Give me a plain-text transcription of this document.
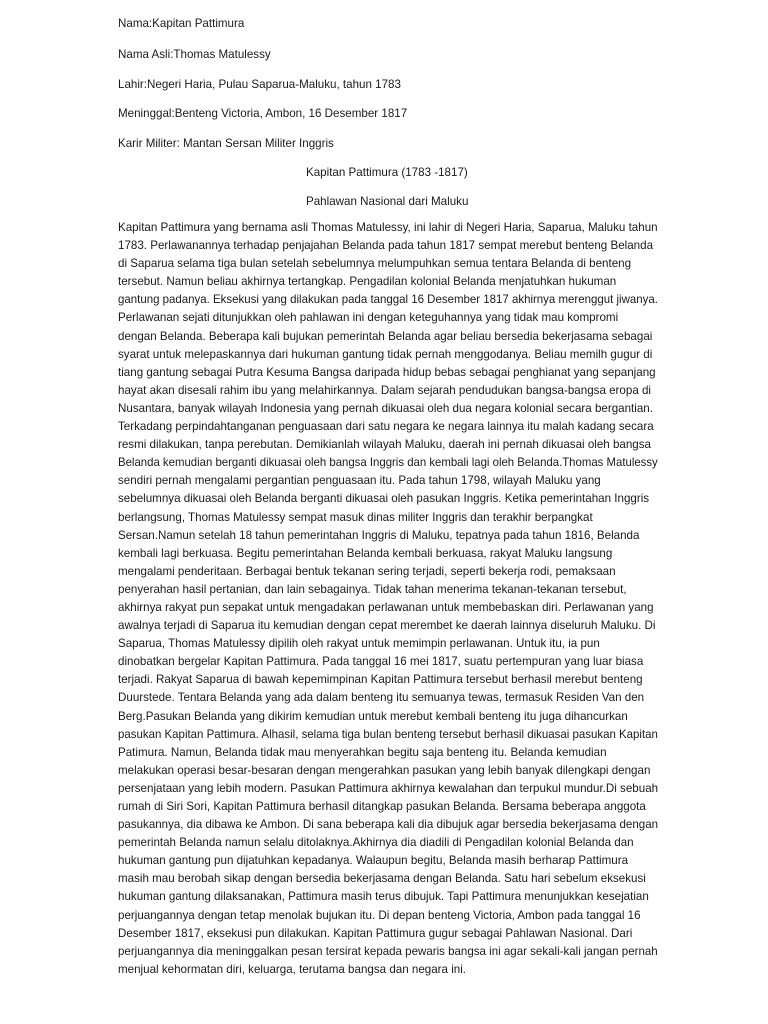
Nama:Kapitan Pattimura
Nama Asli:Thomas Matulessy
Lahir:Negeri Haria, Pulau Saparua-Maluku, tahun 1783
Meninggal:Benteng Victoria, Ambon, 16 Desember 1817
Karir Militer: Mantan Sersan Militer Inggris
Kapitan Pattimura (1783 -1817)
Pahlawan Nasional dari Maluku
Kapitan Pattimura yang bernama asli Thomas Matulessy, ini lahir di Negeri Haria, Saparua, Maluku tahun
1783. Perlawanannya terhadap penjajahan Belanda pada tahun 1817 sempat merebut benteng Belanda
di Saparua selama tiga bulan setelah sebelumnya melumpuhkan semua tentara Belanda di benteng
tersebut. Namun beliau akhirnya tertangkap. Pengadilan kolonial Belanda menjatuhkan hukuman
gantung padanya. Eksekusi yang dilakukan pada tanggal 16 Desember 1817 akhirnya merenggut jiwanya.
Perlawanan sejati ditunjukkan oleh pahlawan ini dengan keteguhannya yang tidak mau kompromi
dengan Belanda. Beberapa kali bujukan pemerintah Belanda agar beliau bersedia bekerjasama sebagai
syarat untuk melepaskannya dari hukuman gantung tidak pernah menggodanya. Beliau memilh gugur di
tiang gantung sebagai Putra Kesuma Bangsa daripada hidup bebas sebagai penghianat yang sepanjang
hayat akan disesali rahim ibu yang melahirkannya. Dalam sejarah pendudukan bangsa-bangsa eropa di
Nusantara, banyak wilayah Indonesia yang pernah dikuasai oleh dua negara kolonial secara bergantian.
Terkadang perpindahtanganan penguasaan dari satu negara ke negara lainnya itu malah kadang secara
resmi dilakukan, tanpa perebutan. Demikianlah wilayah Maluku, daerah ini pernah dikuasai oleh bangsa
Belanda kemudian berganti dikuasai oleh bangsa Inggris dan kembali lagi oleh Belanda.Thomas Matulessy
sendiri pernah mengalami pergantian penguasaan itu. Pada tahun 1798, wilayah Maluku yang
sebelumnya dikuasai oleh Belanda berganti dikuasai oleh pasukan Inggris. Ketika pemerintahan Inggris
berlangsung, Thomas Matulessy sempat masuk dinas militer Inggris dan terakhir berpangkat
Sersan.Namun setelah 18 tahun pemerintahan Inggris di Maluku, tepatnya pada tahun 1816, Belanda
kembali lagi berkuasa. Begitu pemerintahan Belanda kembali berkuasa, rakyat Maluku langsung
mengalami penderitaan. Berbagai bentuk tekanan sering terjadi, seperti bekerja rodi, pemaksaan
penyerahan hasil pertanian, dan lain sebagainya. Tidak tahan menerima tekanan-tekanan tersebut,
akhirnya rakyat pun sepakat untuk mengadakan perlawanan untuk membebaskan diri. Perlawanan yang
awalnya terjadi di Saparua itu kemudian dengan cepat merembet ke daerah lainnya diseluruh Maluku. Di
Saparua, Thomas Matulessy dipilih oleh rakyat untuk memimpin perlawanan. Untuk itu, ia pun
dinobatkan bergelar Kapitan Pattimura. Pada tanggal 16 mei 1817, suatu pertempuran yang luar biasa
terjadi. Rakyat Saparua di bawah kepemimpinan Kapitan Pattimura tersebut berhasil merebut benteng
Duurstede. Tentara Belanda yang ada dalam benteng itu semuanya tewas, termasuk Residen Van den
Berg.Pasukan Belanda yang dikirim kemudian untuk merebut kembali benteng itu juga dihancurkan
pasukan Kapitan Pattimura. Alhasil, selama tiga bulan benteng tersebut berhasil dikuasai pasukan Kapitan
Patimura. Namun, Belanda tidak mau menyerahkan begitu saja benteng itu. Belanda kemudian
melakukan operasi besar-besaran dengan mengerahkan pasukan yang lebih banyak dilengkapi dengan
persenjataan yang lebih modern. Pasukan Pattimura akhirnya kewalahan dan terpukul mundur.Di sebuah
rumah di Siri Sori, Kapitan Pattimura berhasil ditangkap pasukan Belanda. Bersama beberapa anggota
pasukannya, dia dibawa ke Ambon. Di sana beberapa kali dia dibujuk agar bersedia bekerjasama dengan
pemerintah Belanda namun selalu ditolaknya.Akhirnya dia diadili di Pengadilan kolonial Belanda dan
hukuman gantung pun dijatuhkan kepadanya. Walaupun begitu, Belanda masih berharap Pattimura
masih mau berobah sikap dengan bersedia bekerjasama dengan Belanda. Satu hari sebelum eksekusi
hukuman gantung dilaksanakan, Pattimura masih terus dibujuk. Tapi Pattimura menunjukkan kesejatian
perjuangannya dengan tetap menolak bujukan itu. Di depan benteng Victoria, Ambon pada tanggal 16
Desember 1817, eksekusi pun dilakukan. Kapitan Pattimura gugur sebagai Pahlawan Nasional. Dari
perjuangannya dia meninggalkan pesan tersirat kepada pewaris bangsa ini agar sekali-kali jangan pernah
menjual kehormatan diri, keluarga, terutama bangsa dan negara ini.
